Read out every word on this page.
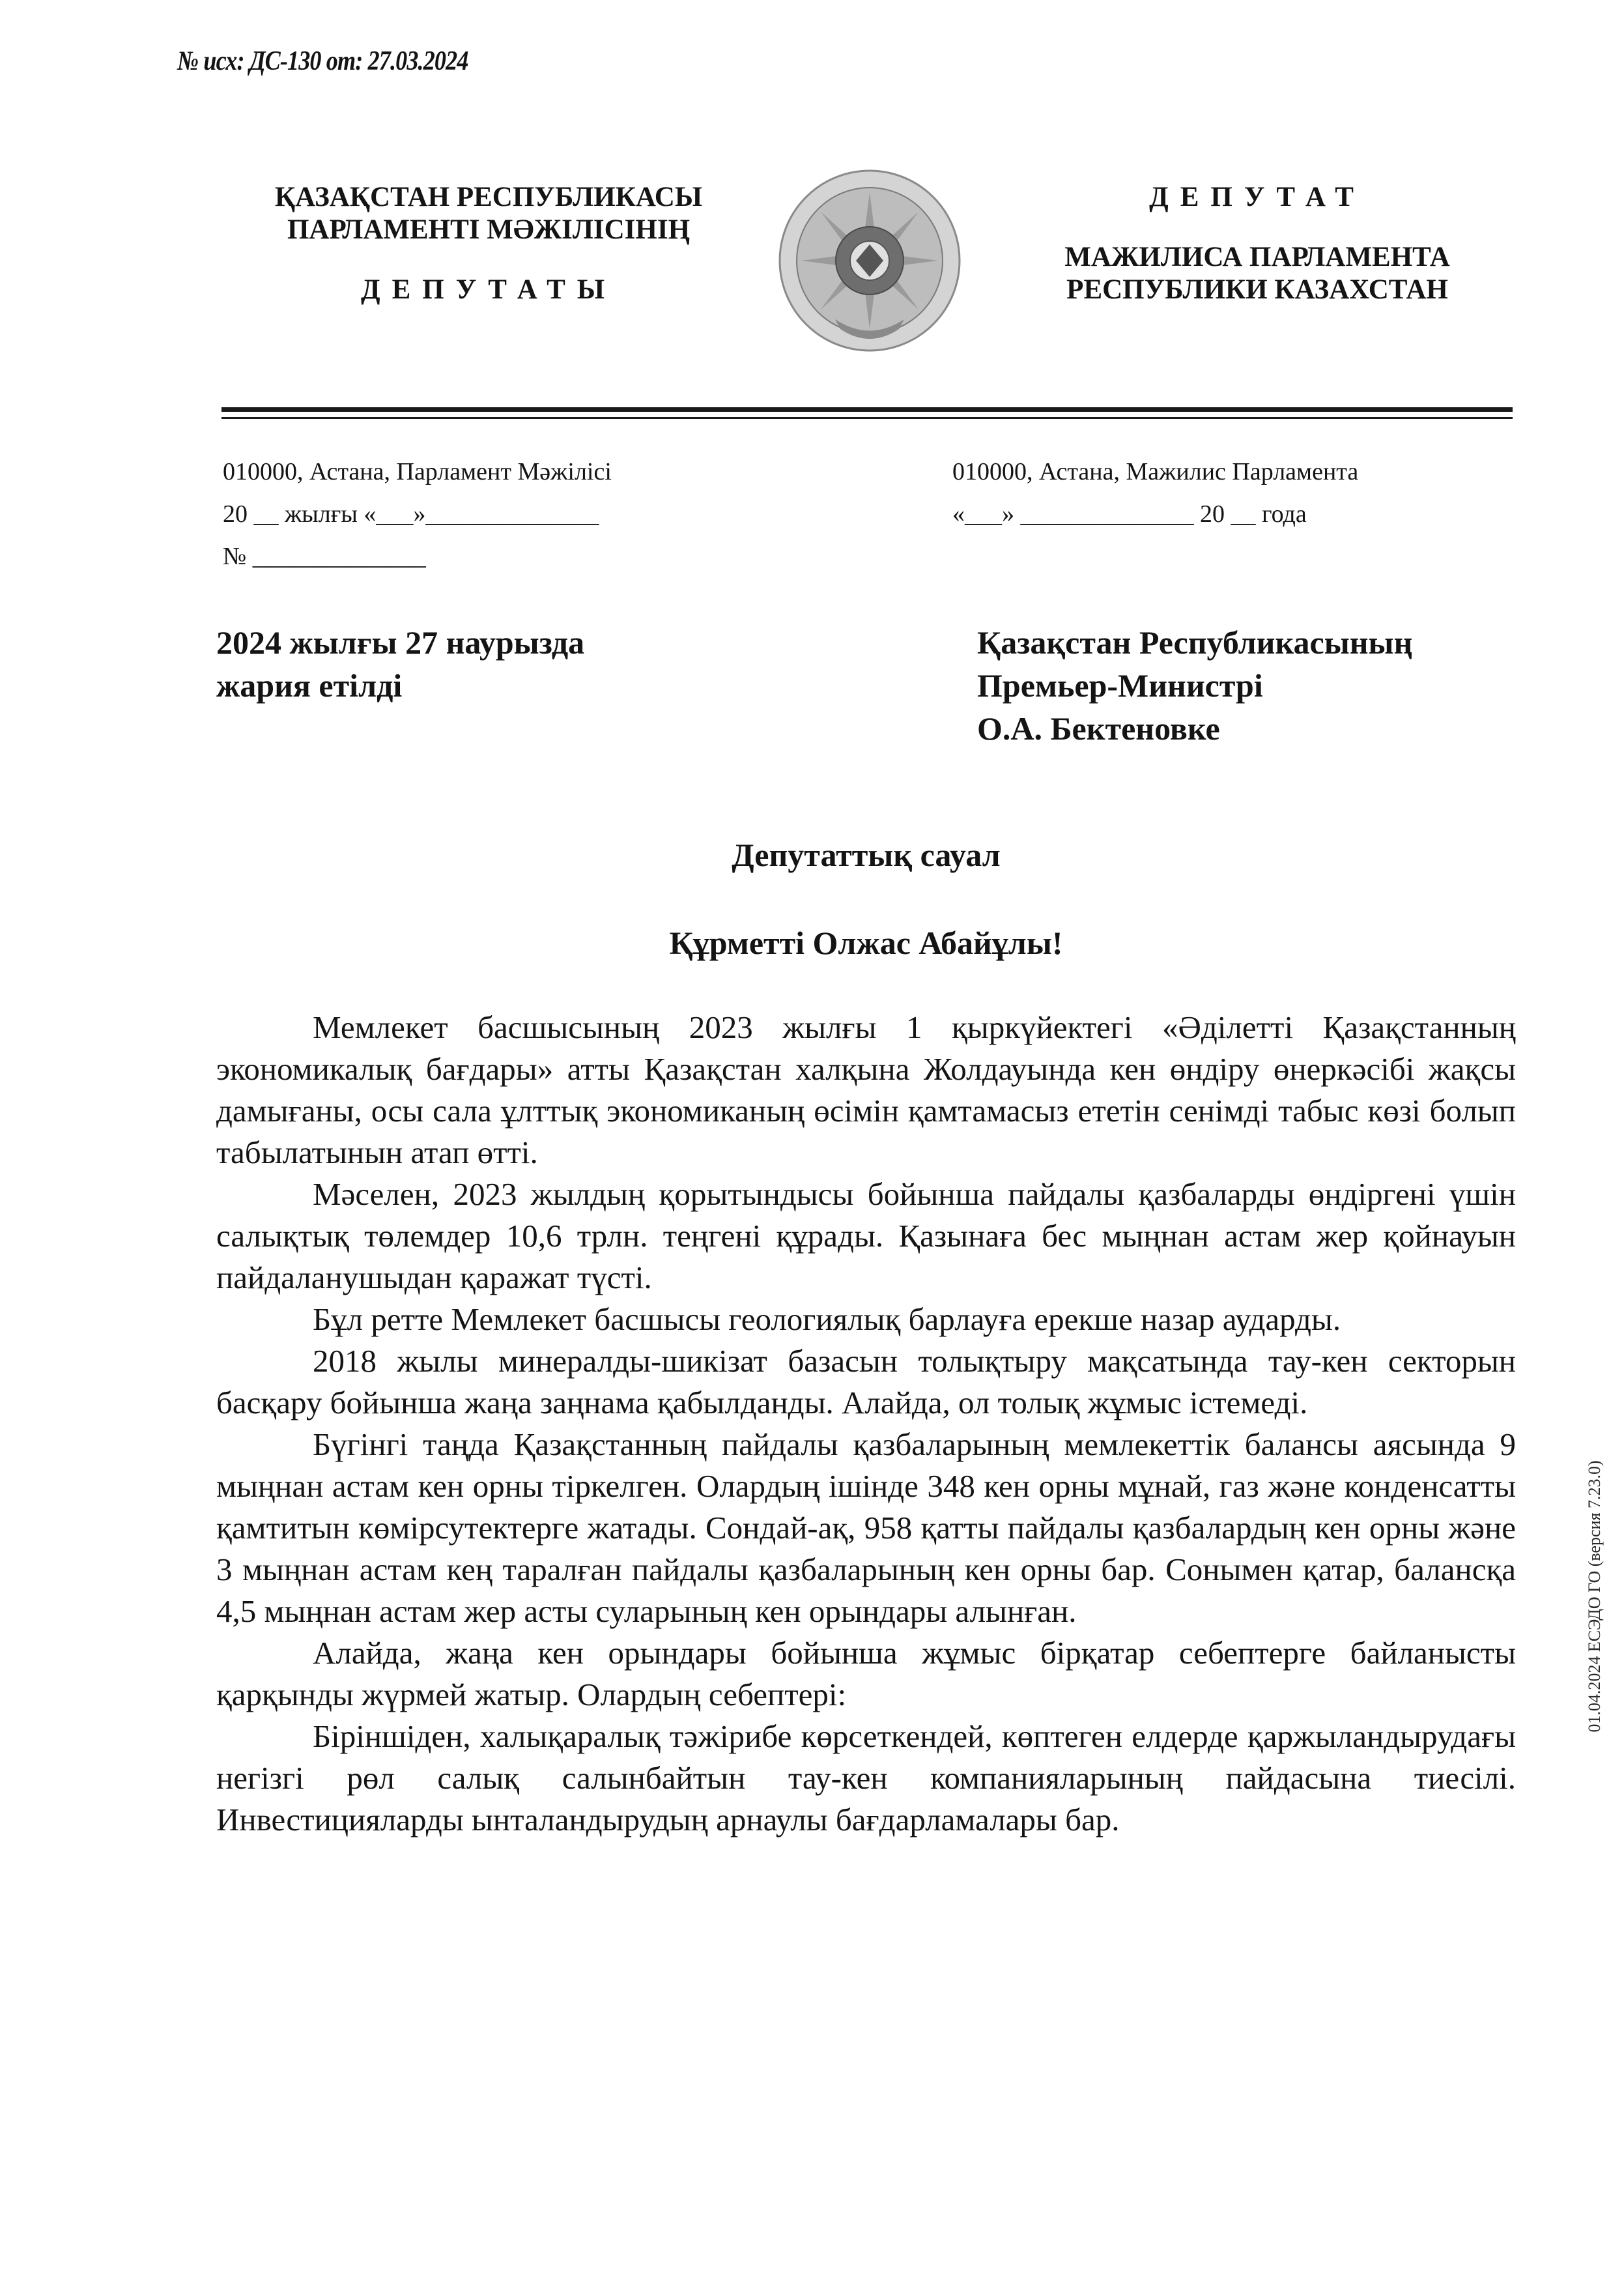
№ исх: ДС-130 от: 27.03.2024
ҚАЗАҚСТАН РЕСПУБЛИКАСЫ
ПАРЛАМЕНТІ МӘЖІЛІСІНІҢ
ДЕПУТАТЫ
ДЕПУТАТ
МАЖИЛИСА ПАРЛАМЕНТА
РЕСПУБЛИКИ КАЗАХСТАН
010000, Астана, Парламент Мәжілісі
20 __ жылғы «___»______________
№ ______________
010000, Астана, Мажилис Парламента
«___» ______________ 20 __ года
2024 жылғы 27 наурызда
жария етілді
Қазақстан Республикасының
Премьер-Министрі
О.А. Бектеновке
Депутаттық сауал
Құрметті Олжас Абайұлы!

Мемлекет басшысының 2023 жылғы 1 қыркүйектегі «Әділетті Қазақстанның экономикалық бағдары» атты Қазақстан халқына Жолдауында кен өндіру өнеркәсібі жақсы дамығаны, осы сала ұлттық экономиканың өсімін қамтамасыз ететін сенімді табыс көзі болып табылатынын атап өтті.

Мәселен, 2023 жылдың қорытындысы бойынша пайдалы қазбаларды өндіргені үшін салықтық төлемдер 10,6 трлн. теңгені құрады. Қазынаға бес мыңнан астам жер қойнауын пайдаланушыдан қаражат түсті.

Бұл ретте Мемлекет басшысы геологиялық барлауға ерекше назар аударды.

2018 жылы минералды-шикізат базасын толықтыру мақсатында тау-кен секторын басқару бойынша жаңа заңнама қабылданды. Алайда, ол толық жұмыс істемеді.

Бүгінгі таңда Қазақстанның пайдалы қазбаларының мемлекеттік балансы аясында 9 мыңнан астам кен орны тіркелген. Олардың ішінде 348 кен орны мұнай, газ және конденсатты қамтитын көмірсутектерге жатады. Сондай-ақ, 958 қатты пайдалы қазбалардың кен орны және 3 мыңнан астам кең таралған пайдалы қазбаларының кен орны бар. Сонымен қатар, балансқа 4,5 мыңнан астам жер асты суларының кен орындары алынған.

Алайда, жаңа кен орындары бойынша жұмыс бірқатар себептерге байланысты қарқынды жүрмей жатыр. Олардың себептері:

Біріншіден, халықаралық тәжірибе көрсеткендей, көптеген елдерде қаржыландырудағы негізгі рөл салық салынбайтын тау-кен компанияларының пайдасына тиесілі. Инвестицияларды ынталандырудың арнаулы бағдарламалары бар.

01.04.2024 ЕСЭДО ГО (версия 7.23.0)
